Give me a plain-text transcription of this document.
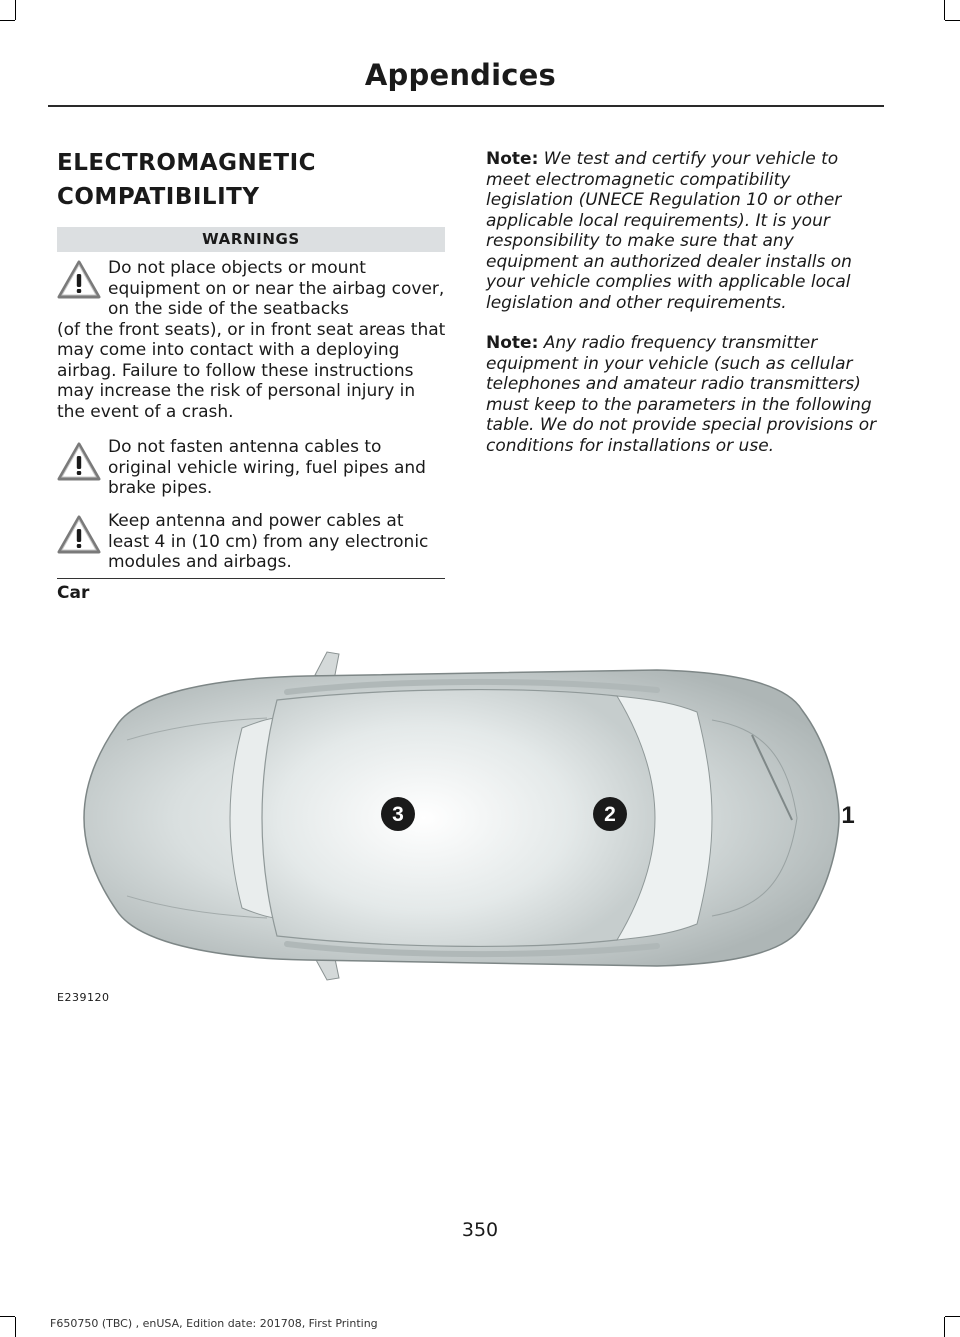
Appendices
ELECTROMAGNETIC COMPATIBILITY
WARNINGS
Do not place objects or mount equipment on or near the airbag cover, on the side of the seatbacks
(of the front seats), or in front seat areas that may come into contact with a deploying airbag. Failure to follow these instructions may increase the risk of personal injury in the event of a crash.
Do not fasten antenna cables to original vehicle wiring, fuel pipes and brake pipes.
Keep antenna and power cables at least 4 in (10 cm) from any electronic modules and airbags.
Car
Note: We test and certify your vehicle to meet electromagnetic compatibility legislation (UNECE Regulation 10 or other applicable local requirements). It is your responsibility to make sure that any equipment an authorized dealer installs on your vehicle complies with applicable local legislation and other requirements.
Note: Any radio frequency transmitter equipment in your vehicle (such as cellular telephones and amateur radio transmitters) must keep to the parameters in the following table. We do not provide special provisions or conditions for installations or use.
3	2	1
E239120
350
F650750 (TBC) , enUSA, Edition date: 201708, First Printing
